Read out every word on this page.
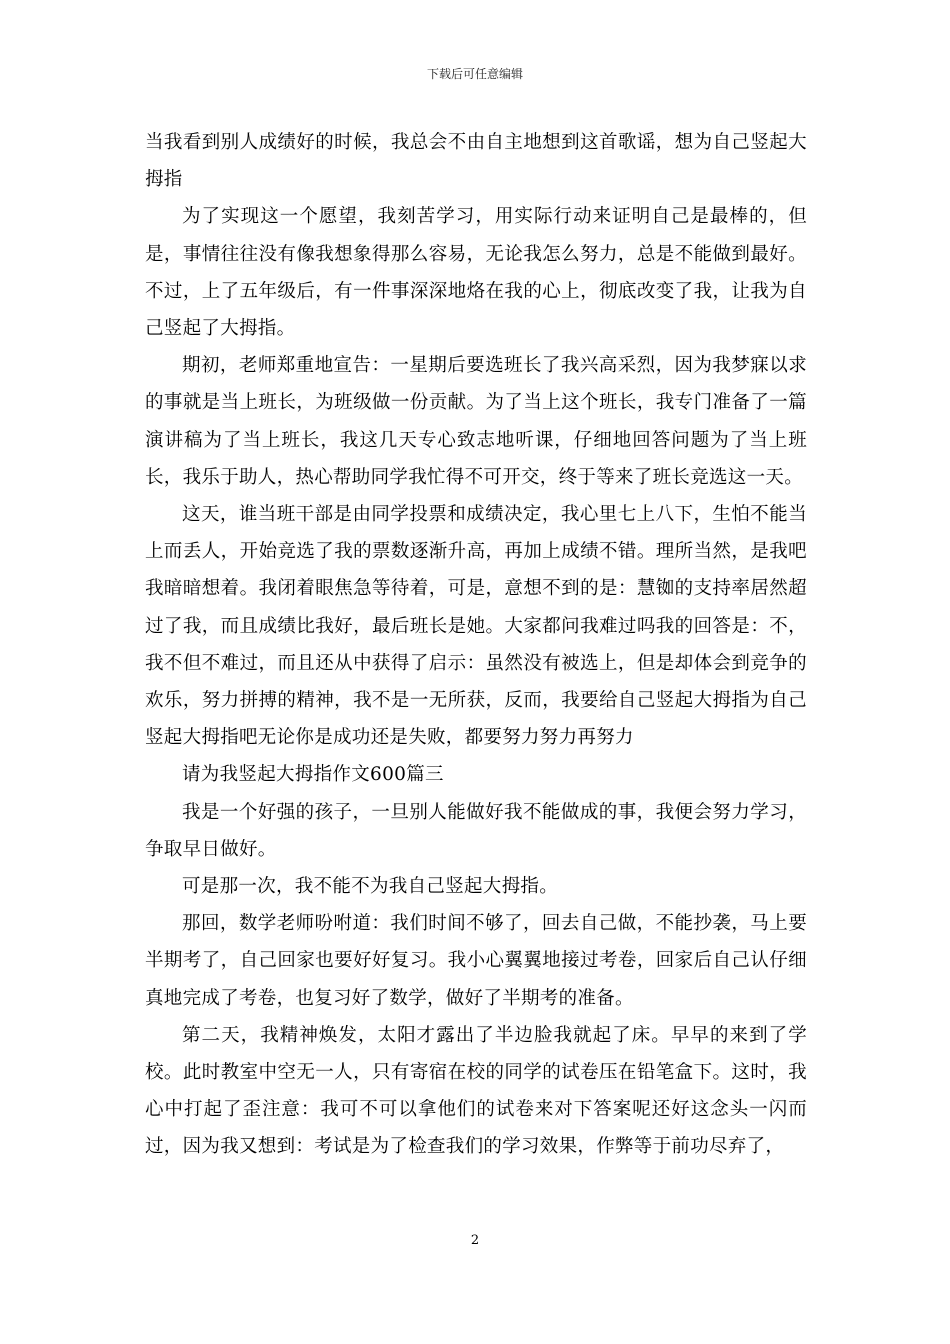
下载后可任意编辑

当我看到别人成绩好的时候，我总会不由自主地想到这首歌谣，想为自己竖起大拇指

为了实现这一个愿望，我刻苦学习，用实际行动来证明自己是最棒的，但是，事情往往没有像我想象得那么容易，无论我怎么努力，总是不能做到最好。不过，上了五年级后，有一件事深深地烙在我的心上，彻底改变了我，让我为自己竖起了大拇指。

期初，老师郑重地宣告：一星期后要选班长了我兴高采烈，因为我梦寐以求的事就是当上班长，为班级做一份贡献。为了当上这个班长，我专门准备了一篇演讲稿为了当上班长，我这几天专心致志地听课，仔细地回答问题为了当上班长，我乐于助人，热心帮助同学我忙得不可开交，终于等来了班长竞选这一天。

这天，谁当班干部是由同学投票和成绩决定，我心里七上八下，生怕不能当上而丢人，开始竞选了我的票数逐渐升高，再加上成绩不错。理所当然，是我吧我暗暗想着。我闭着眼焦急等待着，可是，意想不到的是：慧铷的支持率居然超过了我，而且成绩比我好，最后班长是她。大家都问我难过吗我的回答是：不，我不但不难过，而且还从中获得了启示：虽然没有被选上，但是却体会到竞争的欢乐，努力拼搏的精神，我不是一无所获，反而，我要给自己竖起大拇指为自己竖起大拇指吧无论你是成功还是失败，都要努力努力再努力

请为我竖起大拇指作文600篇三

我是一个好强的孩子，一旦别人能做好我不能做成的事，我便会努力学习，争取早日做好。

可是那一次，我不能不为我自己竖起大拇指。

那回，数学老师吩咐道：我们时间不够了，回去自己做，不能抄袭，马上要半期考了，自己回家也要好好复习。我小心翼翼地接过考卷，回家后自己认仔细真地完成了考卷，也复习好了数学，做好了半期考的准备。

第二天，我精神焕发，太阳才露出了半边脸我就起了床。早早的来到了学校。此时教室中空无一人，只有寄宿在校的同学的试卷压在铅笔盒下。这时，我心中打起了歪注意：我可不可以拿他们的试卷来对下答案呢还好这念头一闪而过，因为我又想到：考试是为了检查我们的学习效果，作弊等于前功尽弃了，

2
